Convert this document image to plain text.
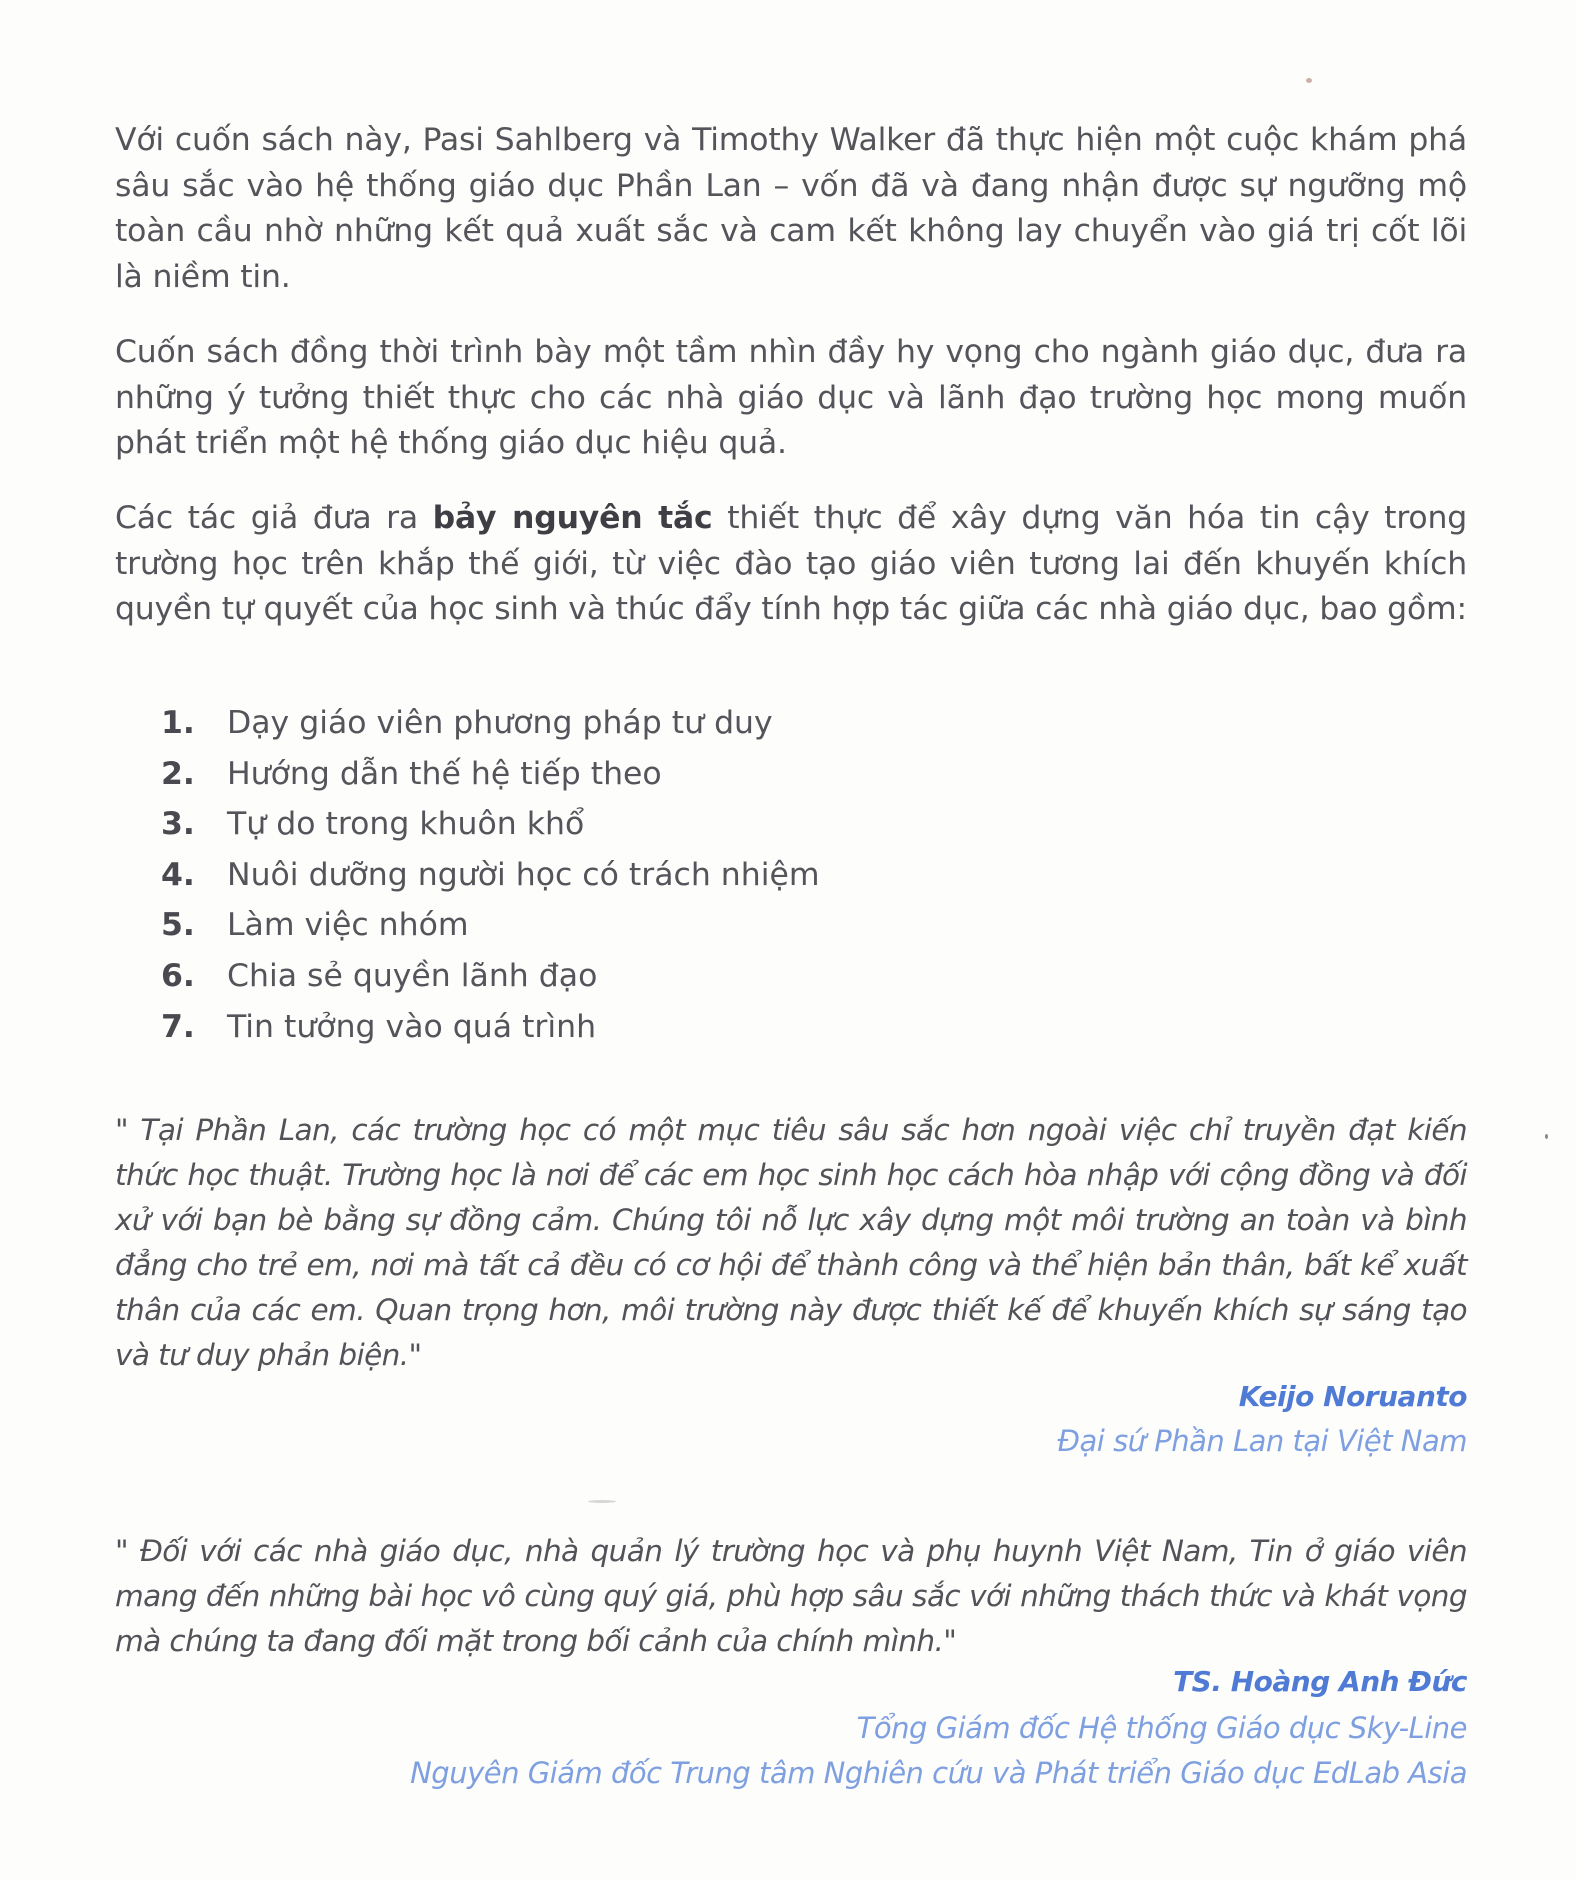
Với cuốn sách này, Pasi Sahlberg và Timothy Walker đã thực hiện một cuộc khám phá sâu sắc vào hệ thống giáo dục Phần Lan – vốn đã và đang nhận được sự ngưỡng mộ toàn cầu nhờ những kết quả xuất sắc và cam kết không lay chuyển vào giá trị cốt lõi là niềm tin.

Cuốn sách đồng thời trình bày một tầm nhìn đầy hy vọng cho ngành giáo dục, đưa ra những ý tưởng thiết thực cho các nhà giáo dục và lãnh đạo trường học mong muốn phát triển một hệ thống giáo dục hiệu quả.

Các tác giả đưa ra bảy nguyên tắc thiết thực để xây dựng văn hóa tin cậy trong trường học trên khắp thế giới, từ việc đào tạo giáo viên tương lai đến khuyến khích quyền tự quyết của học sinh và thúc đẩy tính hợp tác giữa các nhà giáo dục, bao gồm:

1. Dạy giáo viên phương pháp tư duy
2. Hướng dẫn thế hệ tiếp theo
3. Tự do trong khuôn khổ
4. Nuôi dưỡng người học có trách nhiệm
5. Làm việc nhóm
6. Chia sẻ quyền lãnh đạo
7. Tin tưởng vào quá trình

" Tại Phần Lan, các trường học có một mục tiêu sâu sắc hơn ngoài việc chỉ truyền đạt kiến thức học thuật. Trường học là nơi để các em học sinh học cách hòa nhập với cộng đồng và đối xử với bạn bè bằng sự đồng cảm. Chúng tôi nỗ lực xây dựng một môi trường an toàn và bình đẳng cho trẻ em, nơi mà tất cả đều có cơ hội để thành công và thể hiện bản thân, bất kể xuất thân của các em. Quan trọng hơn, môi trường này được thiết kế để khuyến khích sự sáng tạo và tư duy phản biện."

Keijo Noruanto
Đại sứ Phần Lan tại Việt Nam

" Đối với các nhà giáo dục, nhà quản lý trường học và phụ huynh Việt Nam, Tin ở giáo viên mang đến những bài học vô cùng quý giá, phù hợp sâu sắc với những thách thức và khát vọng mà chúng ta đang đối mặt trong bối cảnh của chính mình."

TS. Hoàng Anh Đức
Tổng Giám đốc Hệ thống Giáo dục Sky-Line
Nguyên Giám đốc Trung tâm Nghiên cứu và Phát triển Giáo dục EdLab Asia
